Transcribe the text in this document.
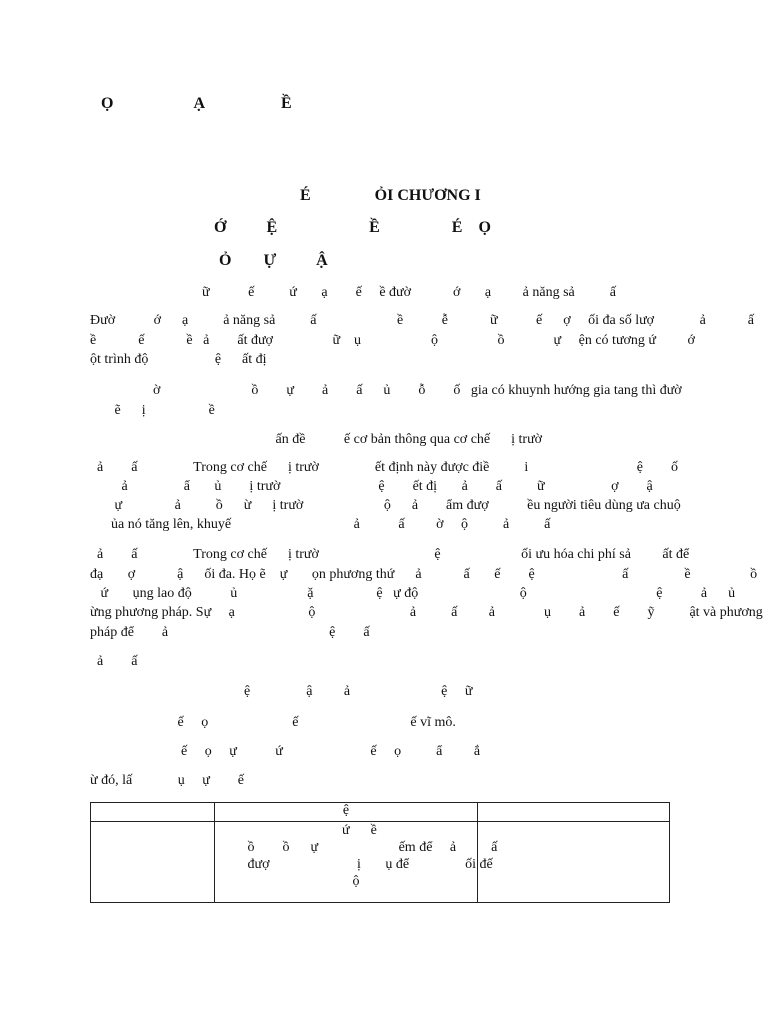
Ọ                    Ạ                   Ề
É                ỎI CHƯƠNG I
Ớ          Ệ                       Ề                  É    Ọ
Ỏ        Ự          Ậ
ữ           ế          ứ       ạ        ế     ề đườ            ớ       ạ         ả năng sả          ấ
Đườ           ớ      ạ          ả năng sả          ấ                       ề           ễ            ữ           ế      ợ     ối đa số lượ             ả            ấ
ề            ế            ề   ả        ất đượ                 ữ    ụ                    ộ                 ồ              ự     ện có tương ứ         ớ
ột trình độ                   ệ      ất đị
ờ                          ồ        ự        ả        ấ      ủ        ỗ        ố   gia có khuynh hướng gia tang thì đườ
ẽ      ị                  ề
ấn đề           ế cơ bản thông qua cơ chế      ị trườ
ả        ấ                Trong cơ chế      ị trườ                ết định này được điề          i                               ệ        ố
ả                ẩ       ủ        ị trườ                            ệ        ết đị       ả        ấ          ữ                   ợ        ậ
ự               ả          ồ      ừ      ị trườ                       ộ      ả        ẩm đượ           ều người tiêu dùng ưa chuộ
ủa nó tăng lên, khuyế                                   ả           ấ         ờ     ộ          ả          ấ
ả        ấ                Trong cơ chế      ị trườ                                 ệ                       ối ưu hóa chi phí sả         ất để
đạ       ợ            ậ      ối đa. Họ ẽ    ự       ọn phương thứ      ả            ấ       ế        ệ                         ấ                ề                 ồ
ứ       ụng lao độ           ủ                    ặ                  ệ   ự độ                             ộ                                     ệ           ả      ủ
ừng phương pháp. Sự     ạ                     ộ                           ả          ấ         ả              ụ        ả        ế        ỹ          ật và phương
pháp để        ả                                              ệ        ấ
ả        ấ
ệ                ậ         ả                          ệ     ữ
ế     ọ                        ế                                ế vĩ mô.
ế     ọ     ự           ứ                         ế     ọ          ẩ         ắ
ừ đó, lấ             ụ     ự        ế
	ệ	

	ứ      ề
ồ        ồ      ự                       ếm để     ả          ấ
đượ                         ị       ụ để                ối đế
ộ	
